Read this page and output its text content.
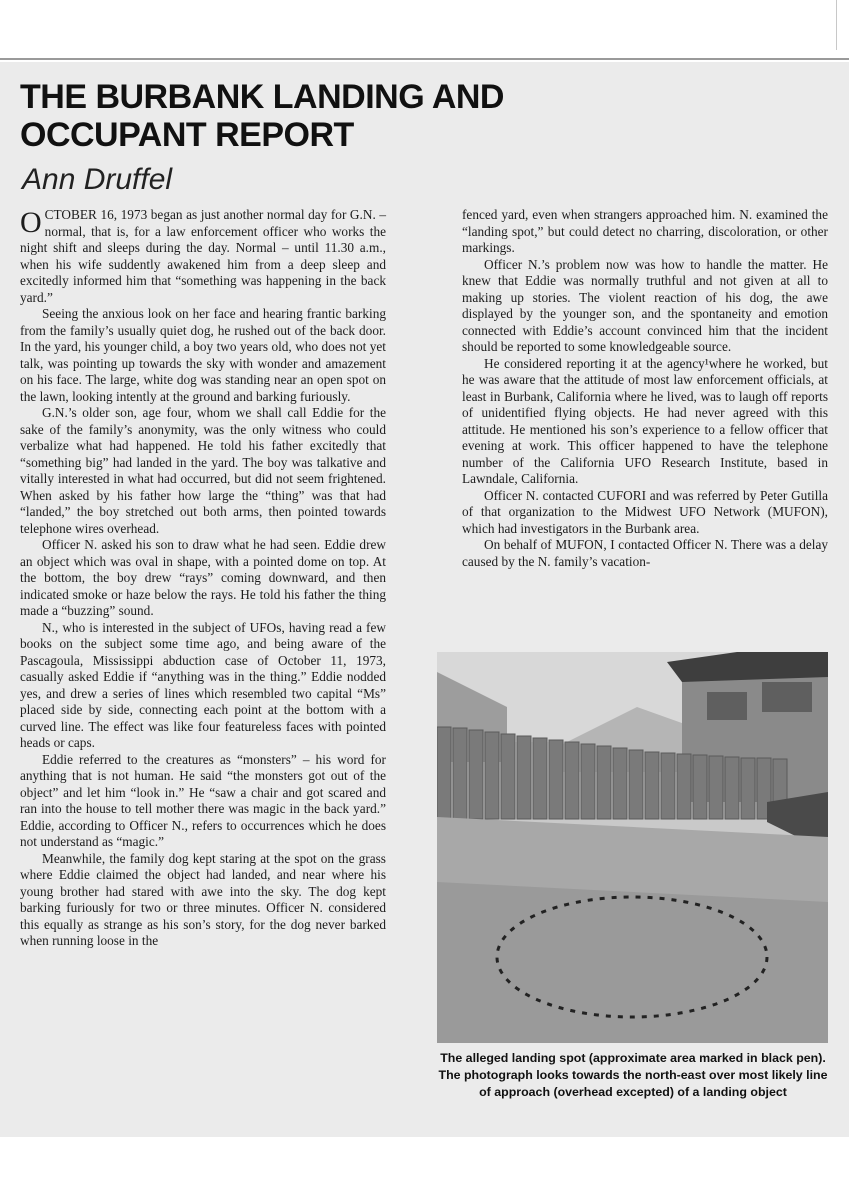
THE BURBANK LANDING AND OCCUPANT REPORT
Ann Druffel

OCTOBER 16, 1973 began as just another normal day for G.N. – normal, that is, for a law enforcement officer who works the night shift and sleeps during the day. Normal – until 11.30 a.m., when his wife suddently awakened him from a deep sleep and excitedly informed him that “something was happening in the back yard.”

Seeing the anxious look on her face and hearing frantic barking from the family’s usually quiet dog, he rushed out of the back door. In the yard, his younger child, a boy two years old, who does not yet talk, was pointing up towards the sky with wonder and amazement on his face. The large, white dog was standing near an open spot on the lawn, looking intently at the ground and barking furiously.

G.N.’s older son, age four, whom we shall call Eddie for the sake of the family’s anonymity, was the only witness who could verbalize what had happened. He told his father excitedly that “something big” had landed in the yard. The boy was talkative and vitally interested in what had occurred, but did not seem frightened. When asked by his father how large the “thing” was that had “landed,” the boy stretched out both arms, then pointed towards telephone wires overhead.

Officer N. asked his son to draw what he had seen. Eddie drew an object which was oval in shape, with a pointed dome on top. At the bottom, the boy drew “rays” coming downward, and then indicated smoke or haze below the rays. He told his father the thing made a “buzzing” sound.

N., who is interested in the subject of UFOs, having read a few books on the subject some time ago, and being aware of the Pascagoula, Mississippi abduction case of October 11, 1973, casually asked Eddie if “anything was in the thing.” Eddie nodded yes, and drew a series of lines which resembled two capital “Ms” placed side by side, connecting each point at the bottom with a curved line. The effect was like four featureless faces with pointed heads or caps.

Eddie referred to the creatures as “monsters” – his word for anything that is not human. He said “the monsters got out of the object” and let him “look in.” He “saw a chair and got scared and ran into the house to tell mother there was magic in the back yard.” Eddie, according to Officer N., refers to occurrences which he does not understand as “magic.”

Meanwhile, the family dog kept staring at the spot on the grass where Eddie claimed the object had landed, and near where his young brother had stared with awe into the sky. The dog kept barking furiously for two or three minutes. Officer N. considered this equally as strange as his son’s story, for the dog never barked when running loose in the

fenced yard, even when strangers approached him. N. examined the “landing spot,” but could detect no charring, discoloration, or other markings.

Officer N.’s problem now was how to handle the matter. He knew that Eddie was normally truthful and not given at all to making up stories. The violent reaction of his dog, the awe displayed by the younger son, and the spontaneity and emotion connected with Eddie’s account convinced him that the incident should be reported to some knowledgeable source.

He considered reporting it at the agency¹where he worked, but he was aware that the attitude of most law enforcement officials, at least in Burbank, California where he lived, was to laugh off reports of unidentified flying objects. He had never agreed with this attitude. He mentioned his son’s experience to a fellow officer that evening at work. This officer happened to have the telephone number of the California UFO Research Institute, based in Lawndale, California.

Officer N. contacted CUFORI and was referred by Peter Gutilla of that organization to the Midwest UFO Network (MUFON), which had investigators in the Burbank area.

On behalf of MUFON, I contacted Officer N. There was a delay caused by the N. family’s vacation-

The alleged landing spot (approximate area marked in black pen). The photograph looks towards the north-east over most likely line of approach (overhead excepted) of a landing object
